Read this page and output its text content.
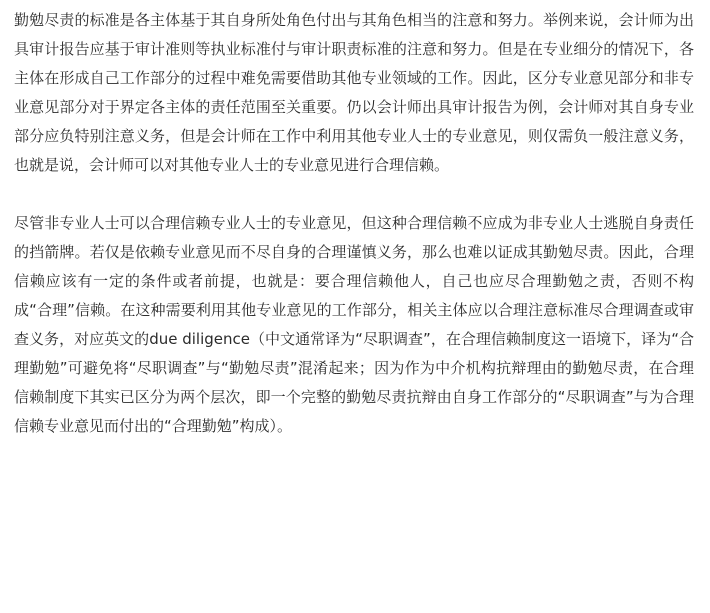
勤勉尽责的标准是各主体基于其自身所处角色付出与其角色相当的注意和努力。举例来说，会计师为出具审计报告应基于审计准则等执业标准付与审计职责标准的注意和努力。但是在专业细分的情况下，各主体在形成自己工作部分的过程中难免需要借助其他专业领域的工作。因此，区分专业意见部分和非专业意见部分对于界定各主体的责任范围至关重要。仍以会计师出具审计报告为例，会计师对其自身专业部分应负特别注意义务，但是会计师在工作中利用其他专业人士的专业意见，则仅需负一般注意义务，也就是说，会计师可以对其他专业人士的专业意见进行合理信赖。

尽管非专业人士可以合理信赖专业人士的专业意见，但这种合理信赖不应成为非专业人士逃脱自身责任的挡箭牌。若仅是依赖专业意见而不尽自身的合理谨慎义务，那么也难以证成其勤勉尽责。因此，合理信赖应该有一定的条件或者前提，也就是：要合理信赖他人，自己也应尽合理勤勉之责，否则不构成“合理”信赖。在这种需要利用其他专业意见的工作部分，相关主体应以合理注意标准尽合理调查或审查义务，对应英文的due diligence（中文通常译为“尽职调查”，在合理信赖制度这一语境下，译为“合理勤勉”可避免将“尽职调查”与“勤勉尽责”混淆起来；因为作为中介机构抗辩理由的勤勉尽责，在合理信赖制度下其实已区分为两个层次，即一个完整的勤勉尽责抗辩由自身工作部分的“尽职调查”与为合理信赖专业意见而付出的“合理勤勉”构成）。
